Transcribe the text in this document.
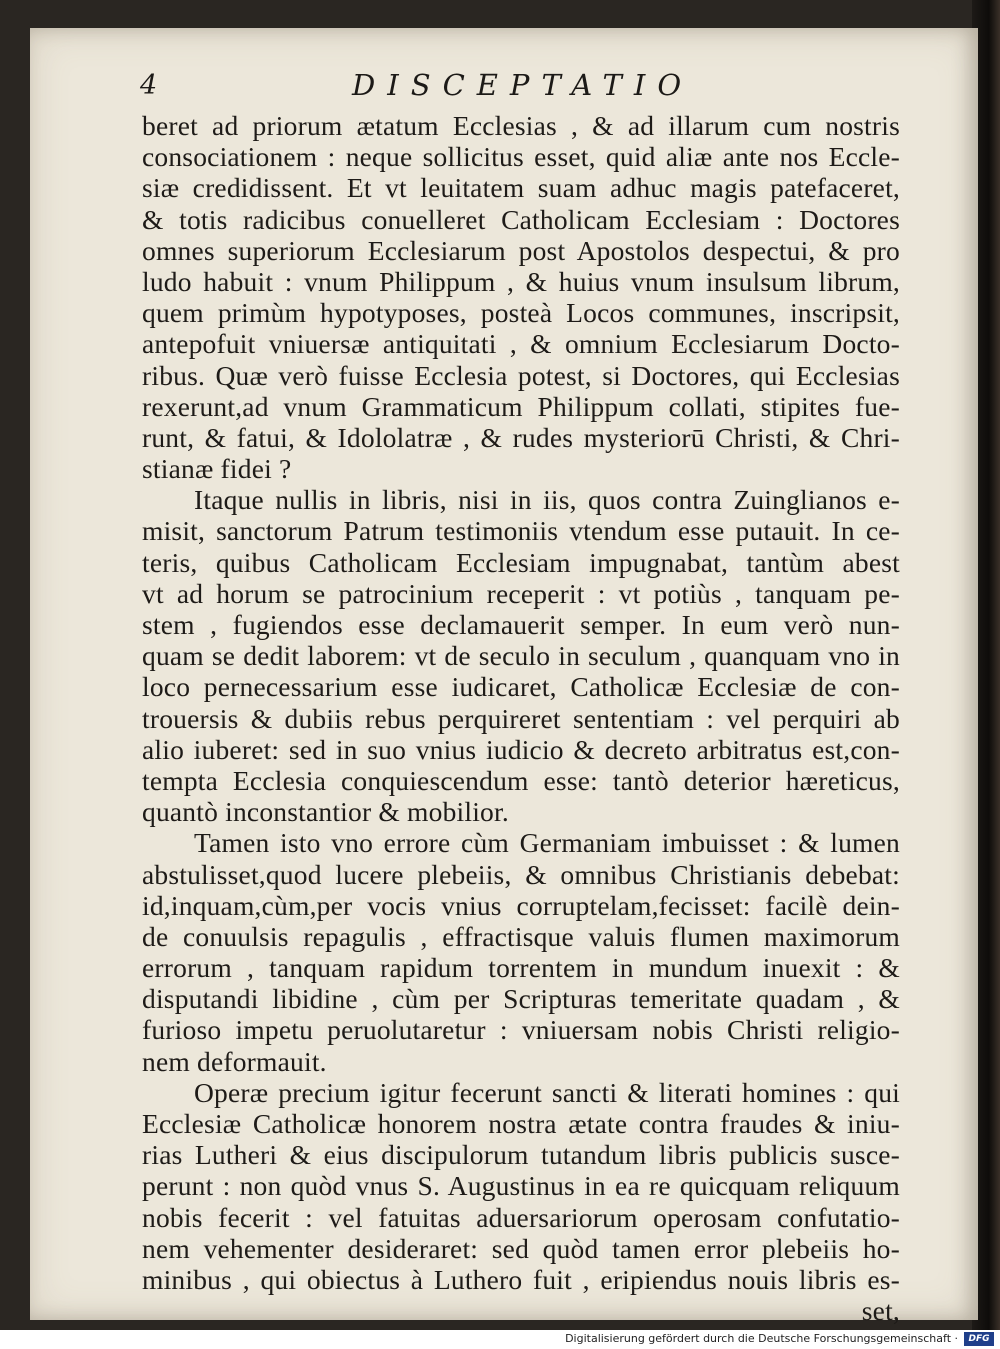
4	DISCEPTATIO
beret ad priorum ætatum Ecclesias , & ad illarum cum nostris
consociationem : neque sollicitus esset, quid aliæ ante nos Eccle-
siæ credidissent. Et vt leuitatem suam adhuc magis patefaceret,
& totis radicibus conuelleret Catholicam Ecclesiam : Doctores
omnes superiorum Ecclesiarum post Apostolos despectui, & pro
ludo habuit : vnum Philippum , & huius vnum insulsum librum,
quem primùm hypotyposes, posteà Locos communes, inscripsit,
antepofuit vniuersæ antiquitati , & omnium Ecclesiarum Docto-
ribus. Quæ verò fuisse Ecclesia potest, si Doctores, qui Ecclesias
rexerunt,ad vnum Grammaticum Philippum collati, stipites fue-
runt, & fatui, & Idololatræ , & rudes mysteriorū Christi, & Chri-
stianæ fidei ?
Itaque nullis in libris, nisi in iis, quos contra Zuinglianos e-
misit, sanctorum Patrum testimoniis vtendum esse putauit. In ce-
teris, quibus Catholicam Ecclesiam impugnabat, tantùm abest
vt ad horum se patrocinium receperit : vt potiùs , tanquam pe-
stem , fugiendos esse declamauerit semper. In eum verò nun-
quam se dedit laborem: vt de seculo in seculum , quanquam vno in
loco pernecessarium esse iudicaret, Catholicæ Ecclesiæ de con-
trouersis & dubiis rebus perquireret sententiam : vel perquiri ab
alio iuberet: sed in suo vnius iudicio & decreto arbitratus est,con-
tempta Ecclesia conquiescendum esse: tantò deterior hæreticus,
quantò inconstantior & mobilior.
Tamen isto vno errore cùm Germaniam imbuisset : & lumen
abstulisset,quod lucere plebeiis, & omnibus Christianis debebat:
id,inquam,cùm,per vocis vnius corruptelam,fecisset: facilè dein-
de conuulsis repagulis , effractisque valuis flumen maximorum
errorum , tanquam rapidum torrentem in mundum inuexit : &
disputandi libidine , cùm per Scripturas temeritate quadam , &
furioso impetu peruolutaretur : vniuersam nobis Christi religio-
nem deformauit.
Operæ precium igitur fecerunt sancti & literati homines : qui
Ecclesiæ Catholicæ honorem nostra ætate contra fraudes & iniu-
rias Lutheri & eius discipulorum tutandum libris publicis susce-
perunt : non quòd vnus S. Augustinus in ea re quicquam reliquum
nobis fecerit : vel fatuitas aduersariorum operosam confutatio-
nem vehementer desideraret: sed quòd tamen error plebeiis ho-
minibus , qui obiectus à Luthero fuit , eripiendus nouis libris es-
set,
Digitalisierung gefördert durch die Deutsche Forschungsgemeinschaft ·	DFG
